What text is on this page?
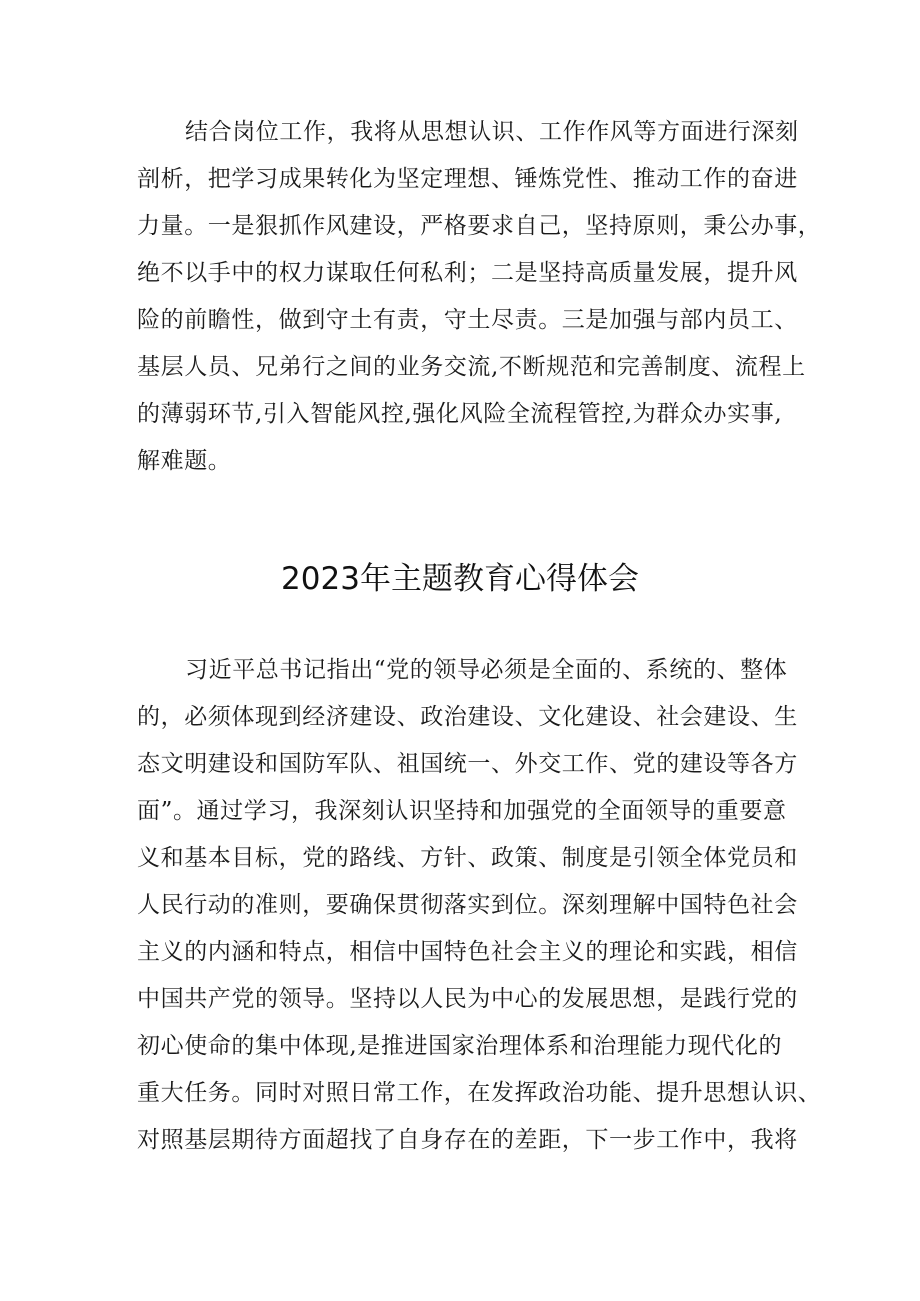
结合岗位工作，我将从思想认识、工作作风等方面进行深刻
剖析，把学习成果转化为坚定理想、锤炼党性、推动工作的奋进
力量。一是狠抓作风建设，严格要求自己，坚持原则，秉公办事，
绝不以手中的权力谋取任何私利；二是坚持高质量发展，提升风
险的前瞻性，做到守土有责，守土尽责。三是加强与部内员工、
基层人员、兄弟行之间的业务交流,不断规范和完善制度、流程上
的薄弱环节,引入智能风控,强化风险全流程管控,为群众办实事,
解难题。
2023年主题教育心得体会
习近平总书记指出“党的领导必须是全面的、系统的、整体
的，必须体现到经济建设、政治建设、文化建设、社会建设、生
态文明建设和国防军队、祖国统一、外交工作、党的建设等各方
面”。通过学习，我深刻认识坚持和加强党的全面领导的重要意
义和基本目标，党的路线、方针、政策、制度是引领全体党员和
人民行动的准则，要确保贯彻落实到位。深刻理解中国特色社会
主义的内涵和特点，相信中国特色社会主义的理论和实践，相信
中国共产党的领导。坚持以人民为中心的发展思想，是践行党的
初心使命的集中体现,是推进国家治理体系和治理能力现代化的
重大任务。同时对照日常工作，在发挥政治功能、提升思想认识、
对照基层期待方面超找了自身存在的差距，下一步工作中，我将
